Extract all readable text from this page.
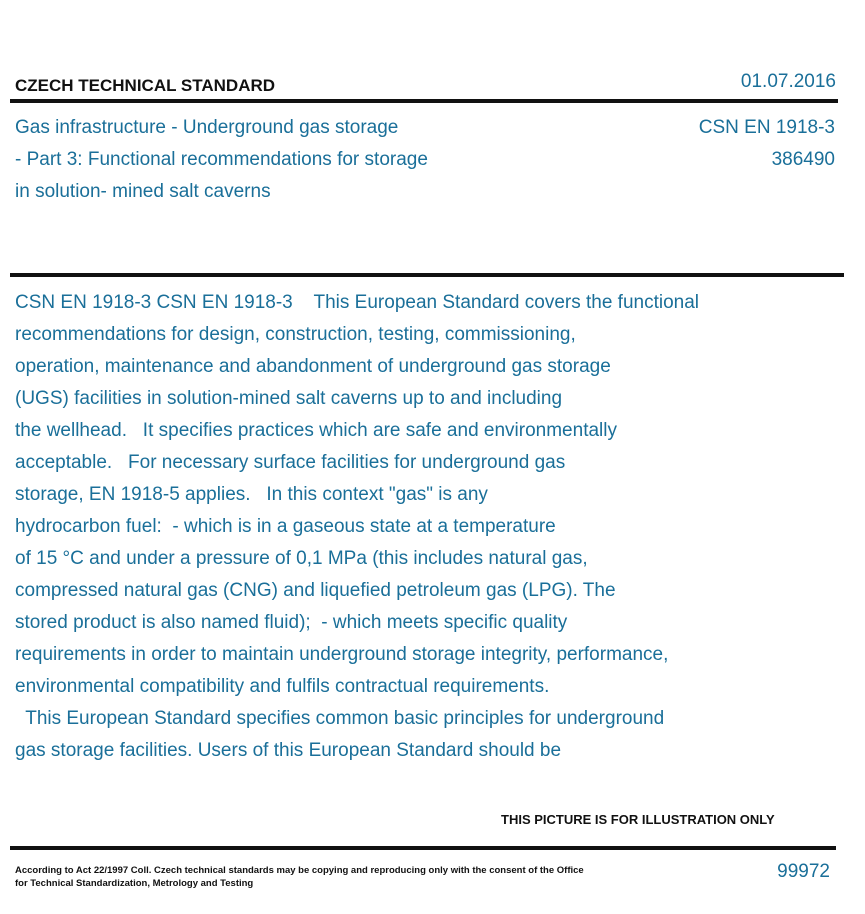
CZECH TECHNICAL STANDARD	01.07.2016
Gas infrastructure - Underground gas storage
- Part 3: Functional recommendations for storage
in solution- mined salt caverns
CSN EN 1918-3
386490
CSN EN 1918-3 CSN EN 1918-3    This European Standard covers the functional
recommendations for design, construction, testing, commissioning,
operation, maintenance and abandonment of underground gas storage
(UGS) facilities in solution-mined salt caverns up to and including
the wellhead.   It specifies practices which are safe and environmentally
acceptable.   For necessary surface facilities for underground gas
storage, EN 1918-5 applies.   In this context "gas" is any
hydrocarbon fuel:  - which is in a gaseous state at a temperature
of 15 °C and under a pressure of 0,1 MPa (this includes natural gas,
compressed natural gas (CNG) and liquefied petroleum gas (LPG). The
stored product is also named fluid);  - which meets specific quality
requirements in order to maintain underground storage integrity, performance,
environmental compatibility and fulfils contractual requirements.
This European Standard specifies common basic principles for underground
gas storage facilities. Users of this European Standard should be
THIS PICTURE IS FOR ILLUSTRATION ONLY
According to Act 22/1997 Coll. Czech technical standards may be copying and reproducing only with the consent of the Office
for Technical Standardization, Metrology and Testing
99972
